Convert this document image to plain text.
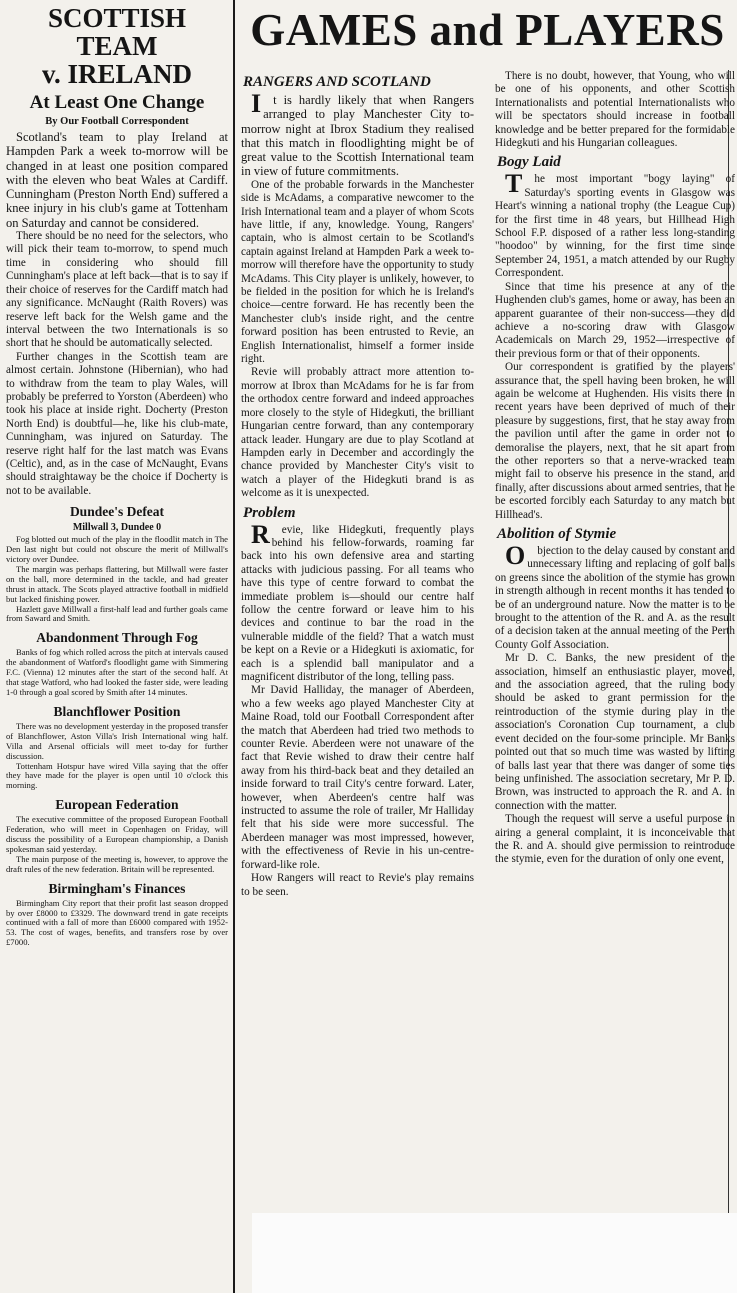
SCOTTISH TEAM
v. IRELAND
At Least One Change
By Our Football Correspondent

Scotland's team to play Ireland at Hampden Park a week to-morrow will be changed in at least one position compared with the eleven who beat Wales at Cardiff. Cunningham (Preston North End) suffered a knee injury in his club's game at Tottenham on Saturday and cannot be considered.

There should be no need for the selectors, who will pick their team to-morrow, to spend much time in considering who should fill Cunningham's place at left back—that is to say if their choice of reserves for the Cardiff match had any significance. McNaught (Raith Rovers) was reserve left back for the Welsh game and the interval between the two Internationals is so short that he should be automatically selected.

Further changes in the Scottish team are almost certain. Johnstone (Hibernian), who had to withdraw from the team to play Wales, will probably be preferred to Yorston (Aberdeen) who took his place at inside right. Docherty (Preston North End) is doubtful—he, like his club-mate, Cunningham, was injured on Saturday. The reserve right half for the last match was Evans (Celtic), and, as in the case of McNaught, Evans should straightaway be the choice if Docherty is not to be available.

Dundee's Defeat
Millwall 3, Dundee 0

Fog blotted out much of the play in the floodlit match in The Den last night but could not obscure the merit of Millwall's victory over Dundee.

The margin was perhaps flattering, but Millwall were faster on the ball, more determined in the tackle, and had greater thrust in attack. The Scots played attractive football in midfield but lacked finishing power.

Hazlett gave Millwall a first-half lead and further goals came from Saward and Smith.

Abandonment Through Fog

Banks of fog which rolled across the pitch at intervals caused the abandonment of Watford's floodlight game with Simmering F.C. (Vienna) 12 minutes after the start of the second half. At that stage Watford, who had looked the faster side, were leading 1-0 through a goal scored by Smith after 14 minutes.

Blanchflower Position

There was no development yesterday in the proposed transfer of Blanchflower, Aston Villa's Irish International wing half. Villa and Arsenal officials will meet to-day for further discussion.

Tottenham Hotspur have wired Villa saying that the offer they have made for the player is open until 10 o'clock this morning.

European Federation

The executive committee of the proposed European Football Federation, who will meet in Copenhagen on Friday, will discuss the possibility of a European championship, a Danish spokesman said yesterday.

The main purpose of the meeting is, however, to approve the draft rules of the new federation. Britain will be represented.

Birmingham's Finances

Birmingham City report that their profit last season dropped by over £8000 to £3329. The downward trend in gate receipts continued with a fall of more than £6000 compared with 1952-53. The cost of wages, benefits, and transfers rose by over £7000.

GAMES and PLAYERS
RANGERS AND SCOTLAND

It is hardly likely that when Rangers arranged to play Manchester City to-morrow night at Ibrox Stadium they realised that this match in floodlighting might be of great value to the Scottish International team in view of future commitments.

One of the probable forwards in the Manchester side is McAdams, a comparative newcomer to the Irish International team and a player of whom Scots have little, if any, knowledge. Young, Rangers' captain, who is almost certain to be Scotland's captain against Ireland at Hampden Park a week to-morrow will therefore have the opportunity to study McAdams. This City player is unlikely, however, to be fielded in the position for which he is Ireland's choice—centre forward. He has recently been the Manchester club's inside right, and the centre forward position has been entrusted to Revie, an English Internationalist, himself a former inside right.

Revie will probably attract more attention to-morrow at Ibrox than McAdams for he is far from the orthodox centre forward and indeed approaches more closely to the style of Hidegkuti, the brilliant Hungarian centre forward, than any contemporary attack leader. Hungary are due to play Scotland at Hampden early in December and accordingly the chance provided by Manchester City's visit to watch a player of the Hidegkuti brand is as welcome as it is unexpected.

Problem

Revie, like Hidegkuti, frequently plays behind his fellow-forwards, roaming far back into his own defensive area and starting attacks with judicious passing. For all teams who have this type of centre forward to combat the immediate problem is—should our centre half follow the centre forward or leave him to his devices and continue to bar the road in the vulnerable middle of the field? That a watch must be kept on a Revie or a Hidegkuti is axiomatic, for each is a splendid ball manipulator and a magnificent distributor of the long, telling pass.

Mr David Halliday, the manager of Aberdeen, who a few weeks ago played Manchester City at Maine Road, told our Football Correspondent after the match that Aberdeen had tried two methods to counter Revie. Aberdeen were not unaware of the fact that Revie wished to draw their centre half away from his third-back beat and they detailed an inside forward to trail City's centre forward. Later, however, when Aberdeen's centre half was instructed to assume the role of trailer, Mr Halliday felt that his side were more successful. The Aberdeen manager was most impressed, however, with the effectiveness of Revie in his un-centre-forward-like role.

How Rangers will react to Revie's play remains to be seen.

There is no doubt, however, that Young, who will be one of his opponents, and other Scottish Internationalists and potential Internationalists who will be spectators should increase in football knowledge and be better prepared for the formidable Hidegkuti and his Hungarian colleagues.

Bogy Laid

The most important "bogy laying" of Saturday's sporting events in Glasgow was Heart's winning a national trophy (the League Cup) for the first time in 48 years, but Hillhead High School F.P. disposed of a rather less long-standing "hoodoo" by winning, for the first time since September 24, 1951, a match attended by our Rugby Correspondent.

Since that time his presence at any of the Hughenden club's games, home or away, has been an apparent guarantee of their non-success—they did achieve a no-scoring draw with Glasgow Academicals on March 29, 1952—irrespective of their previous form or that of their opponents.

Our correspondent is gratified by the players' assurance that, the spell having been broken, he will again be welcome at Hughenden. His visits there in recent years have been deprived of much of their pleasure by suggestions, first, that he stay away from the pavilion until after the game in order not to demoralise the players, next, that he sit apart from the other reporters so that a nerve-wracked team might fail to observe his presence in the stand, and finally, after discussions about armed sentries, that he be escorted forcibly each Saturday to any match but Hillhead's.

Abolition of Stymie

Objection to the delay caused by constant and unnecessary lifting and replacing of golf balls on greens since the abolition of the stymie has grown in strength although in recent months it has tended to be of an underground nature. Now the matter is to be brought to the attention of the R. and A. as the result of a decision taken at the annual meeting of the Perth County Golf Association.

Mr D. C. Banks, the new president of the association, himself an enthusiastic player, moved, and the association agreed, that the ruling body should be asked to grant permission for the reintroduction of the stymie during play in the association's Coronation Cup tournament, a club event decided on the four-some principle. Mr Banks pointed out that so much time was wasted by lifting of balls last year that there was danger of some ties being unfinished. The association secretary, Mr P. D. Brown, was instructed to approach the R. and A. in connection with the matter.

Though the request will serve a useful purpose in airing a general complaint, it is inconceivable that the R. and A. should give permission to reintroduce the stymie, even for the duration of only one event,
